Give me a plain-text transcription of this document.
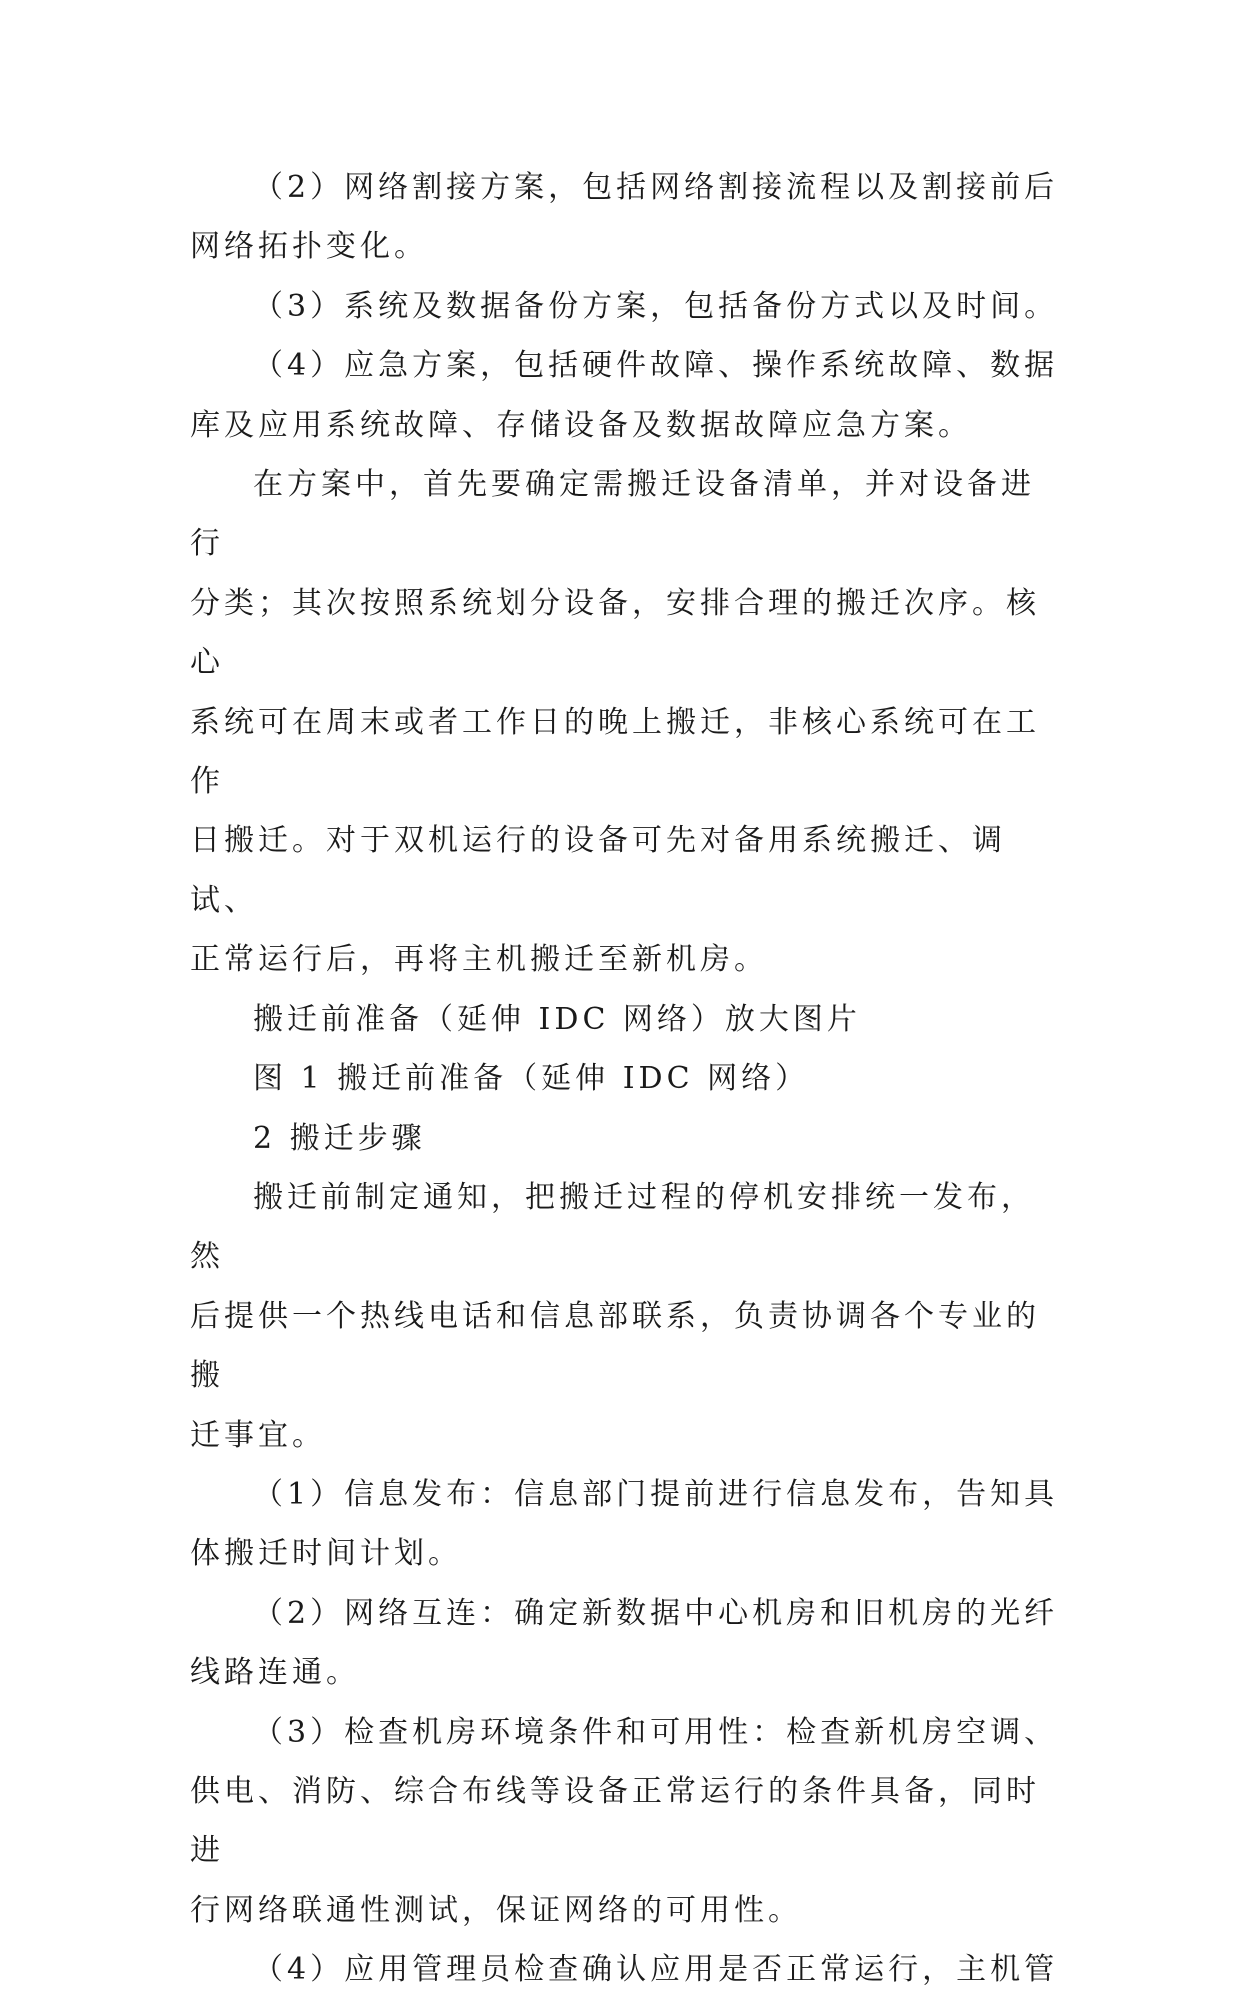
（2）网络割接方案，包括网络割接流程以及割接前后
网络拓扑变化。

（3）系统及数据备份方案，包括备份方式以及时间。

（4）应急方案，包括硬件故障、操作系统故障、数据
库及应用系统故障、存储设备及数据故障应急方案。

在方案中，首先要确定需搬迁设备清单，并对设备进行
分类；其次按照系统划分设备，安排合理的搬迁次序。核心
系统可在周末或者工作日的晚上搬迁，非核心系统可在工作
日搬迁。对于双机运行的设备可先对备用系统搬迁、调试、
正常运行后，再将主机搬迁至新机房。

搬迁前准备（延伸 IDC 网络）放大图片

图 1 搬迁前准备（延伸 IDC 网络）

2 搬迁步骤

搬迁前制定通知，把搬迁过程的停机安排统一发布，然
后提供一个热线电话和信息部联系，负责协调各个专业的搬
迁事宜。

（1）信息发布：信息部门提前进行信息发布，告知具
体搬迁时间计划。

（2）网络互连：确定新数据中心机房和旧机房的光纤
线路连通。

（3）检查机房环境条件和可用性：检查新机房空调、
供电、消防、综合布线等设备正常运行的条件具备，同时进
行网络联通性测试，保证网络的可用性。

（4）应用管理员检查确认应用是否正常运行，主机管
